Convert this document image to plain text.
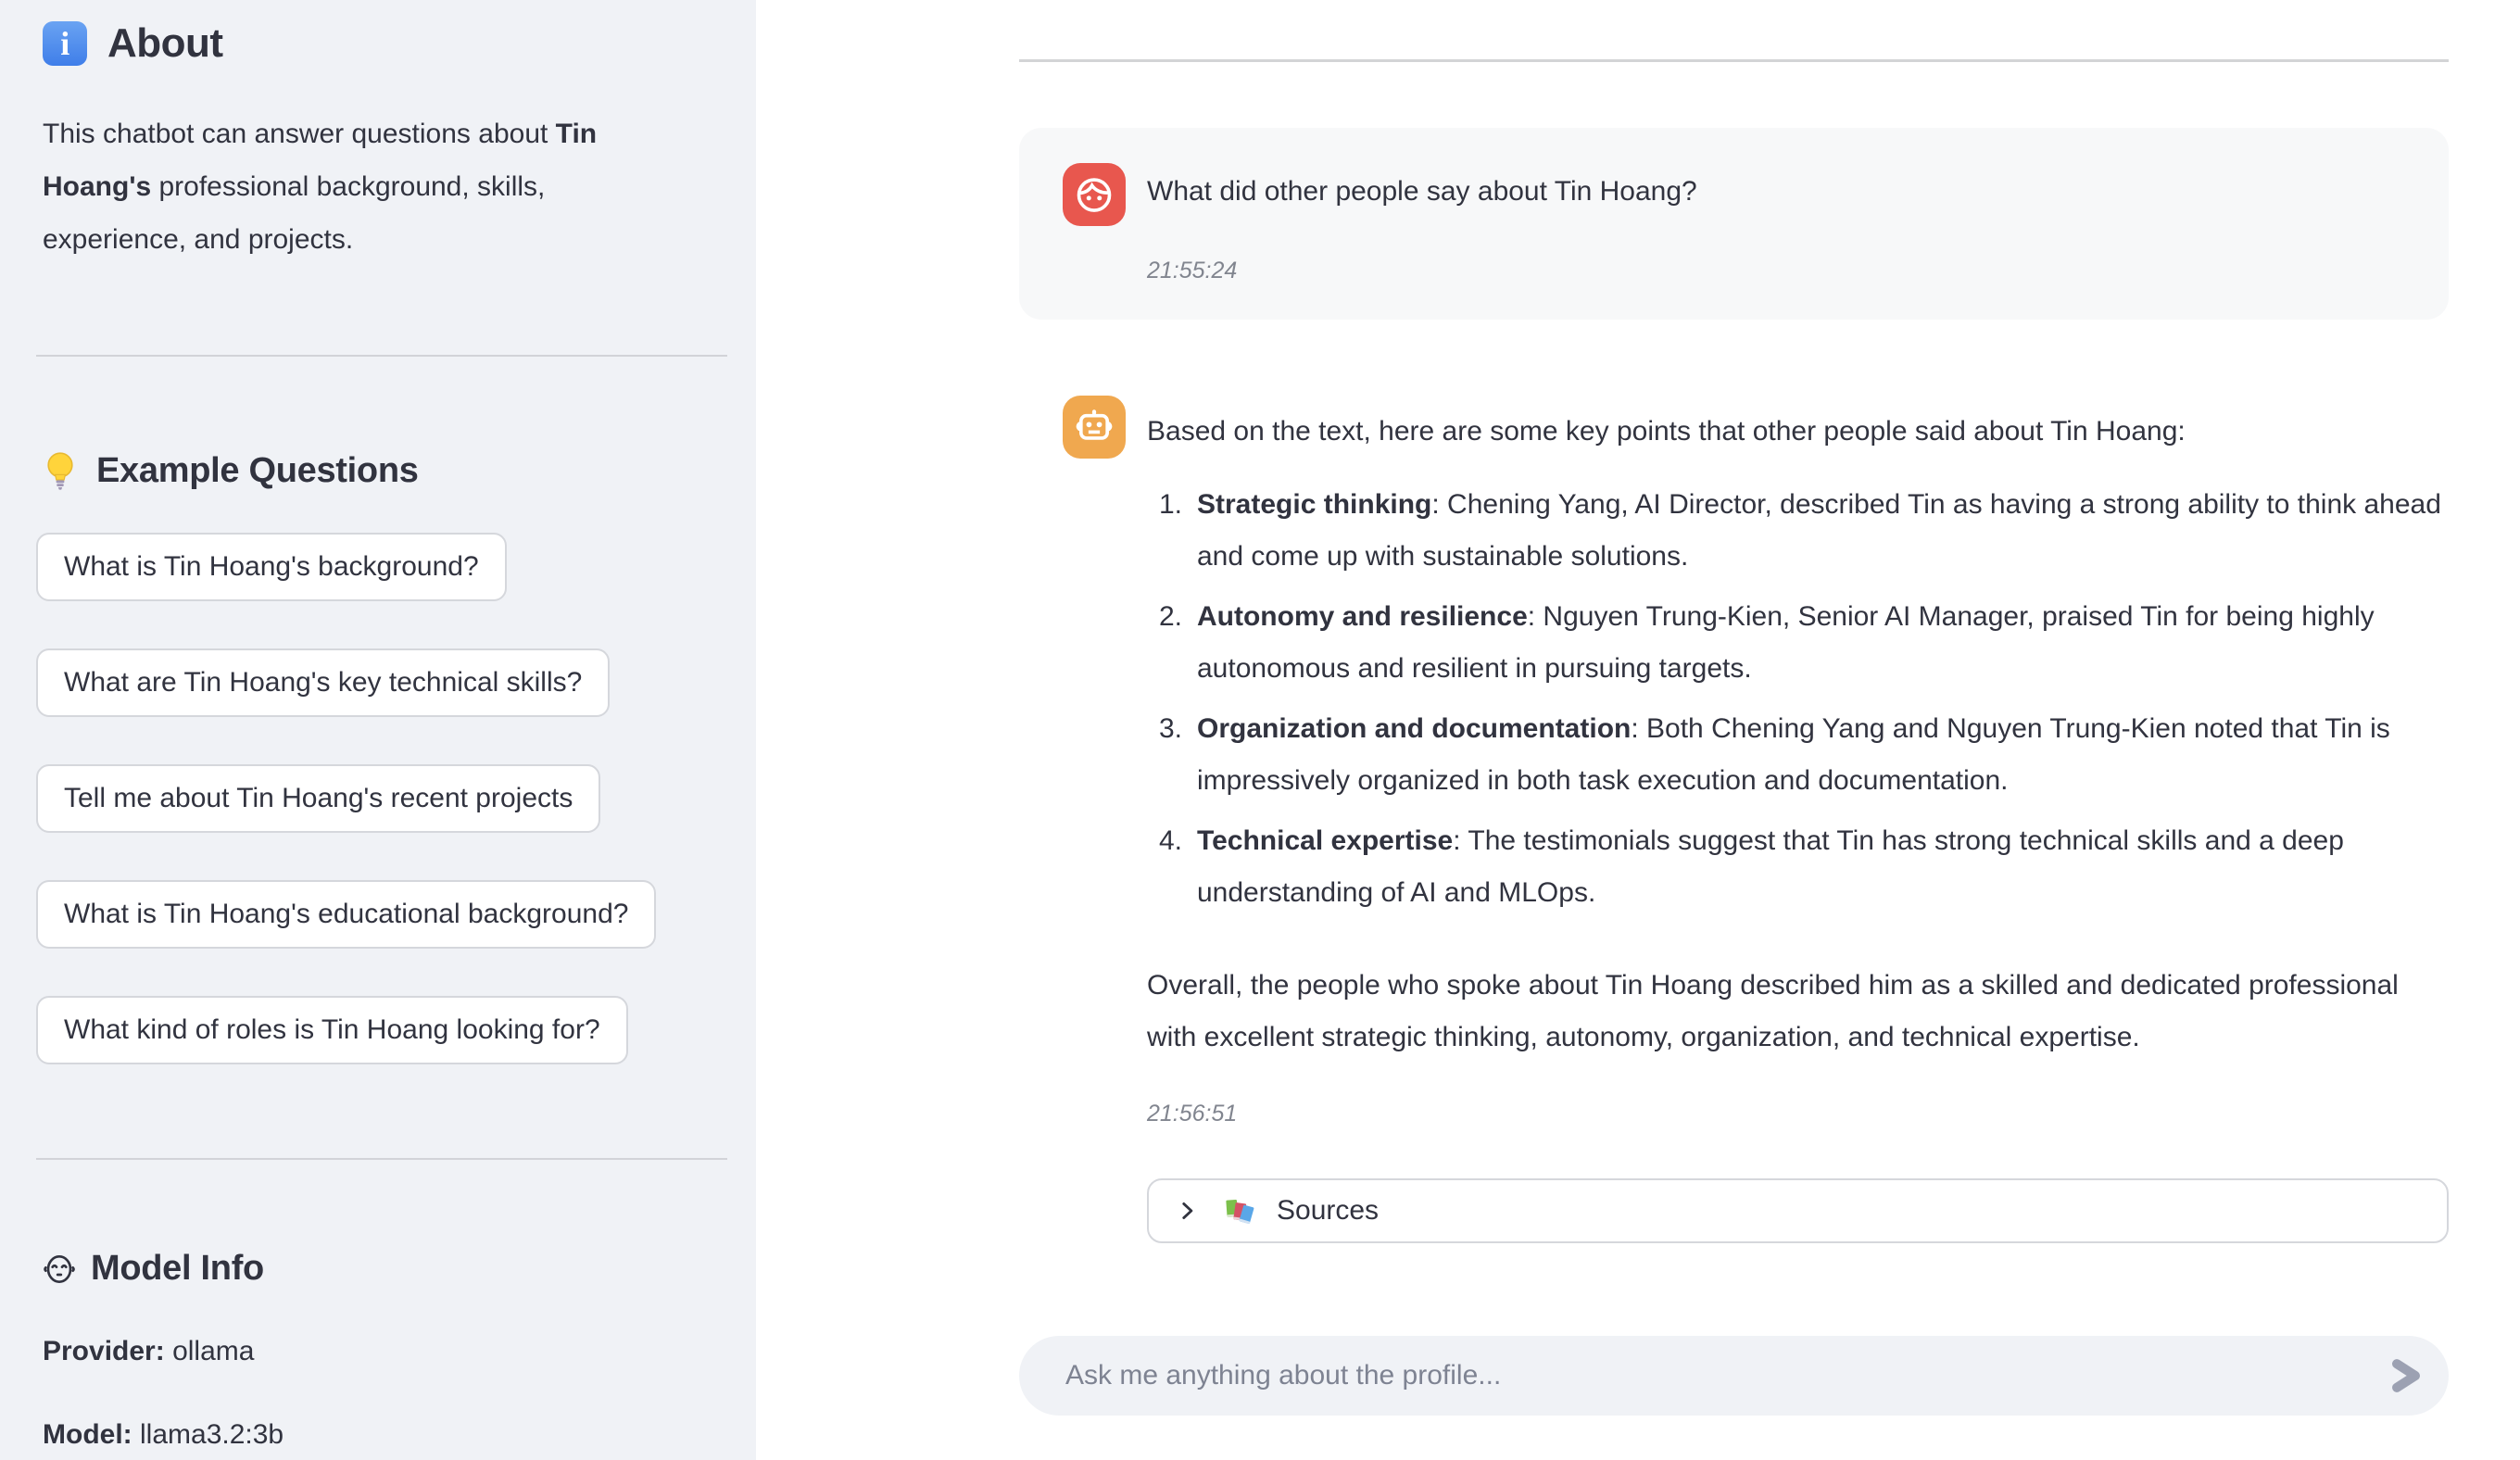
i About

This chatbot can answer questions about Tin Hoang's professional background, skills, experience, and projects.

Example Questions
What is Tin Hoang's background?
What are Tin Hoang's key technical skills?
Tell me about Tin Hoang's recent projects
What is Tin Hoang's educational background?
What kind of roles is Tin Hoang looking for?
Model Info

Provider: ollama

Model: llama3.2:3b

What did other people say about Tin Hoang?
21:55:24

Based on the text, here are some key points that other people said about Tin Hoang:

1. Strategic thinking: Chening Yang, AI Director, described Tin as having a strong ability to think ahead and come up with sustainable solutions.
2. Autonomy and resilience: Nguyen Trung-Kien, Senior AI Manager, praised Tin for being highly autonomous and resilient in pursuing targets.
3. Organization and documentation: Both Chening Yang and Nguyen Trung-Kien noted that Tin is impressively organized in both task execution and documentation.
4. Technical expertise: The testimonials suggest that Tin has strong technical skills and a deep understanding of AI and MLOps.

Overall, the people who spoke about Tin Hoang described him as a skilled and dedicated professional with excellent strategic thinking, autonomy, organization, and technical expertise.

21:56:51
Sources
Ask me anything about the profile...
